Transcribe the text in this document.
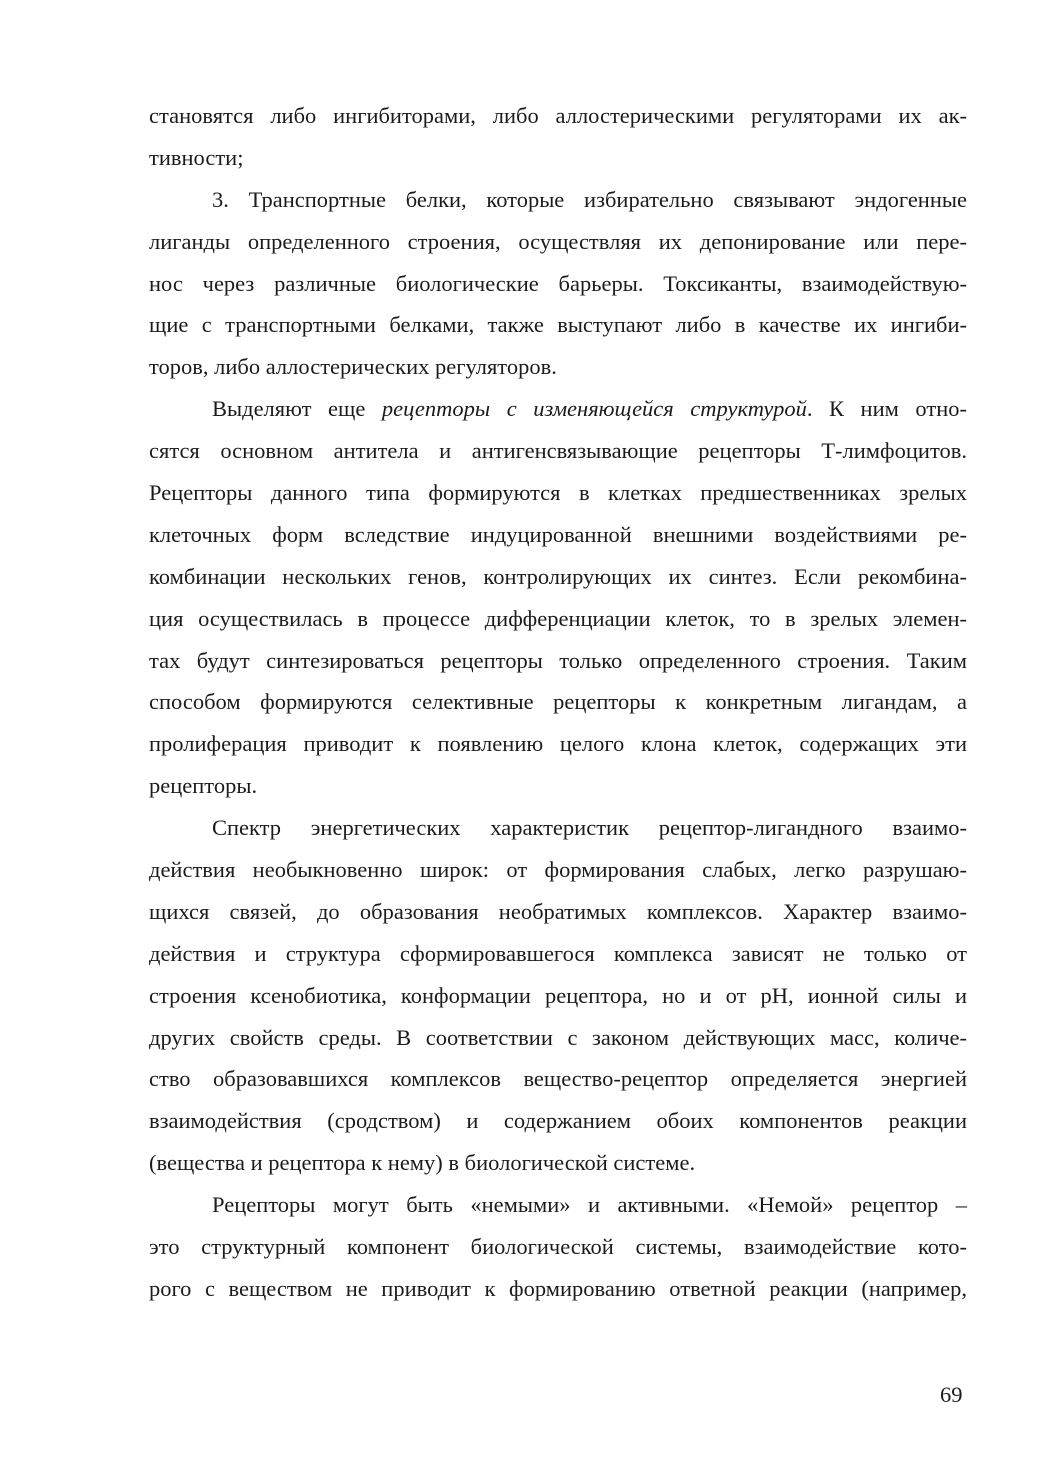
становятся либо ингибиторами, либо аллостерическими регуляторами их ак-
тивности;
3. Транспортные белки, которые избирательно связывают эндогенные
лиганды определенного строения, осуществляя их депонирование или пере-
нос через различные биологические барьеры. Токсиканты, взаимодействую-
щие с транспортными белками, также выступают либо в качестве их ингиби-
торов, либо аллостерических регуляторов.
Выделяют еще рецепторы с изменяющейся структурой. К ним отно-
сятся основном антитела и антигенсвязывающие рецепторы Т-лимфоцитов.
Рецепторы данного типа формируются в клетках предшественниках зрелых
клеточных форм вследствие индуцированной внешними воздействиями ре-
комбинации нескольких генов, контролирующих их синтез. Если рекомбина-
ция осуществилась в процессе дифференциации клеток, то в зрелых элемен-
тах будут синтезироваться рецепторы только определенного строения. Таким
способом формируются селективные рецепторы к конкретным лигандам, а
пролиферация приводит к появлению целого клона клеток, содержащих эти
рецепторы.
Спектр энергетических характеристик рецептор-лигандного взаимо-
действия необыкновенно широк: от формирования слабых, легко разрушаю-
щихся связей, до образования необратимых комплексов. Характер взаимо-
действия и структура сформировавшегося комплекса зависят не только от
строения ксенобиотика, конформации рецептора, но и от pH, ионной силы и
других свойств среды. В соответствии с законом действующих масс, количе-
ство образовавшихся комплексов вещество-рецептор определяется энергией
взаимодействия (сродством) и содержанием обоих компонентов реакции
(вещества и рецептора к нему) в биологической системе.
Рецепторы могут быть «немыми» и активными. «Немой» рецептор –
это структурный компонент биологической системы, взаимодействие кото-
рого с веществом не приводит к формированию ответной реакции (например,
69
